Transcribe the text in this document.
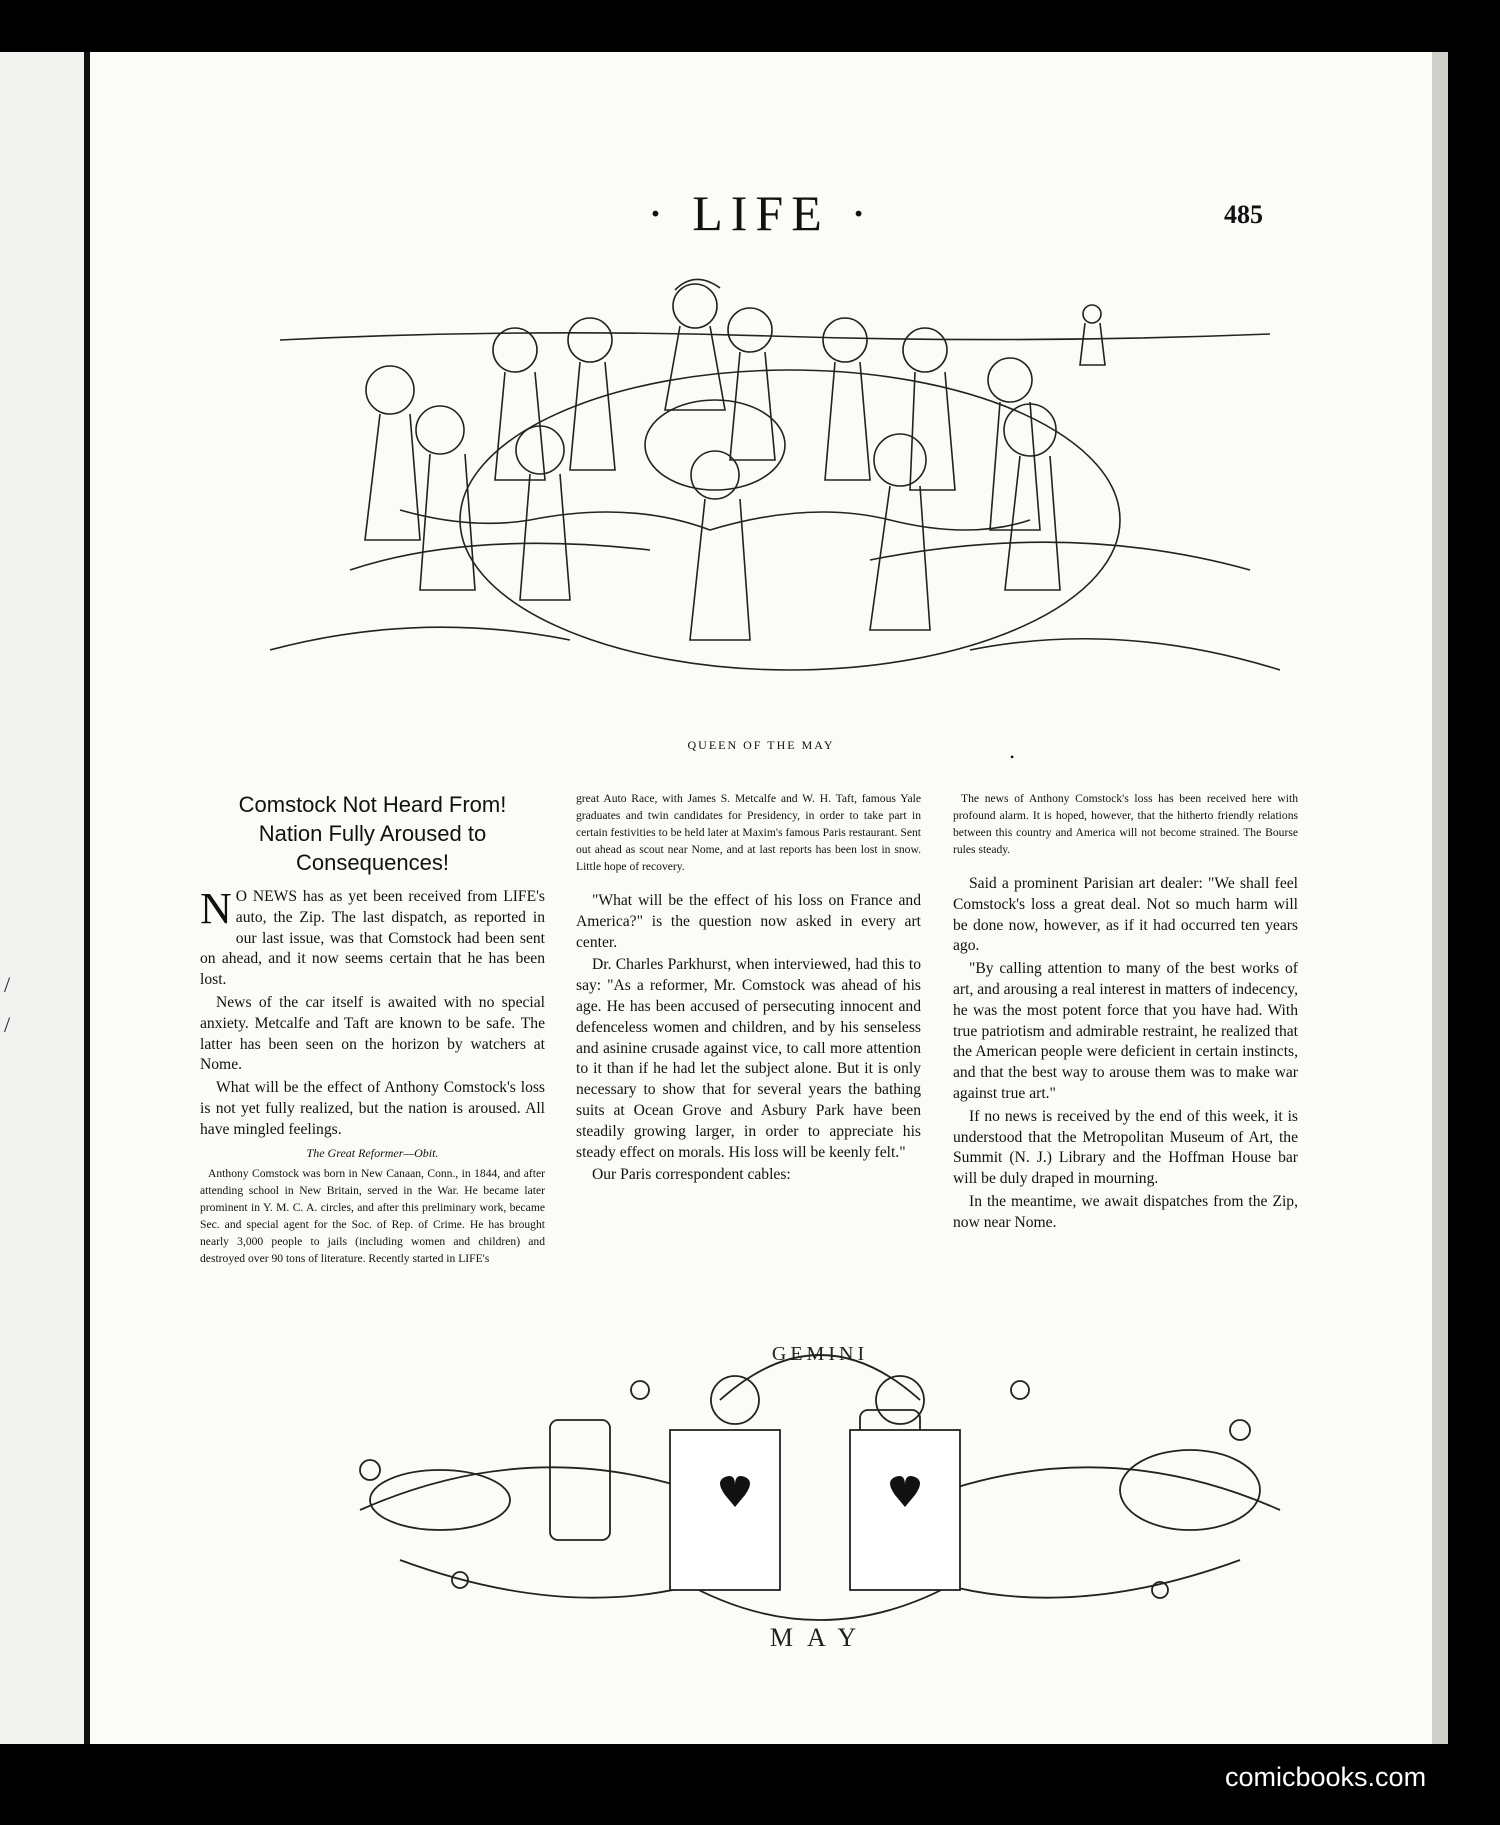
/
/
· LIFE ·	485
QUEEN OF THE MAY
•
Comstock Not Heard From!
Nation Fully Aroused to
Consequences!

N O NEWS has as yet been received from LIFE's auto, the Zip. The last dispatch, as reported in our last issue, was that Comstock had been sent on ahead, and it now seems certain that he has been lost.

News of the car itself is awaited with no special anxiety. Metcalfe and Taft are known to be safe. The latter has been seen on the horizon by watchers at Nome.

What will be the effect of Anthony Comstock's loss is not yet fully realized, but the nation is aroused. All have mingled feelings.

The Great Reformer—Obit.

Anthony Comstock was born in New Canaan, Conn., in 1844, and after attending school in New Britain, served in the War. He became later prominent in Y. M. C. A. circles, and after this preliminary work, became Sec. and special agent for the Soc. of Rep. of Crime. He has brought nearly 3,000 people to jails (including women and children) and destroyed over 90 tons of literature. Recently started in LIFE's

great Auto Race, with James S. Metcalfe and W. H. Taft, famous Yale graduates and twin candidates for Presidency, in order to take part in certain festivities to be held later at Maxim's famous Paris restaurant. Sent out ahead as scout near Nome, and at last reports has been lost in snow. Little hope of recovery.

"What will be the effect of his loss on France and America?" is the question now asked in every art center.

Dr. Charles Parkhurst, when interviewed, had this to say: "As a reformer, Mr. Comstock was ahead of his age. He has been accused of persecuting innocent and defenceless women and children, and by his senseless and asinine crusade against vice, to call more attention to it than if he had let the subject alone. But it is only necessary to show that for several years the bathing suits at Ocean Grove and Asbury Park have been steadily growing larger, in order to appreciate his steady effect on morals. His loss will be keenly felt."

Our Paris correspondent cables:

The news of Anthony Comstock's loss has been received here with profound alarm. It is hoped, however, that the hitherto friendly relations between this country and America will not become strained. The Bourse rules steady.

Said a prominent Parisian art dealer: "We shall feel Comstock's loss a great deal. Not so much harm will be done now, however, as if it had occurred ten years ago.

"By calling attention to many of the best works of art, and arousing a real interest in matters of indecency, he was the most potent force that you have had. With true patriotism and admirable restraint, he realized that the American people were deficient in certain instincts, and that the best way to arouse them was to make war against true art."

If no news is received by the end of this week, it is understood that the Metropolitan Museum of Art, the Summit (N. J.) Library and the Hoffman House bar will be duly draped in mourning.

In the meantime, we await dispatches from the Zip, now near Nome.

GEMINI
MAY
comicbooks.com
